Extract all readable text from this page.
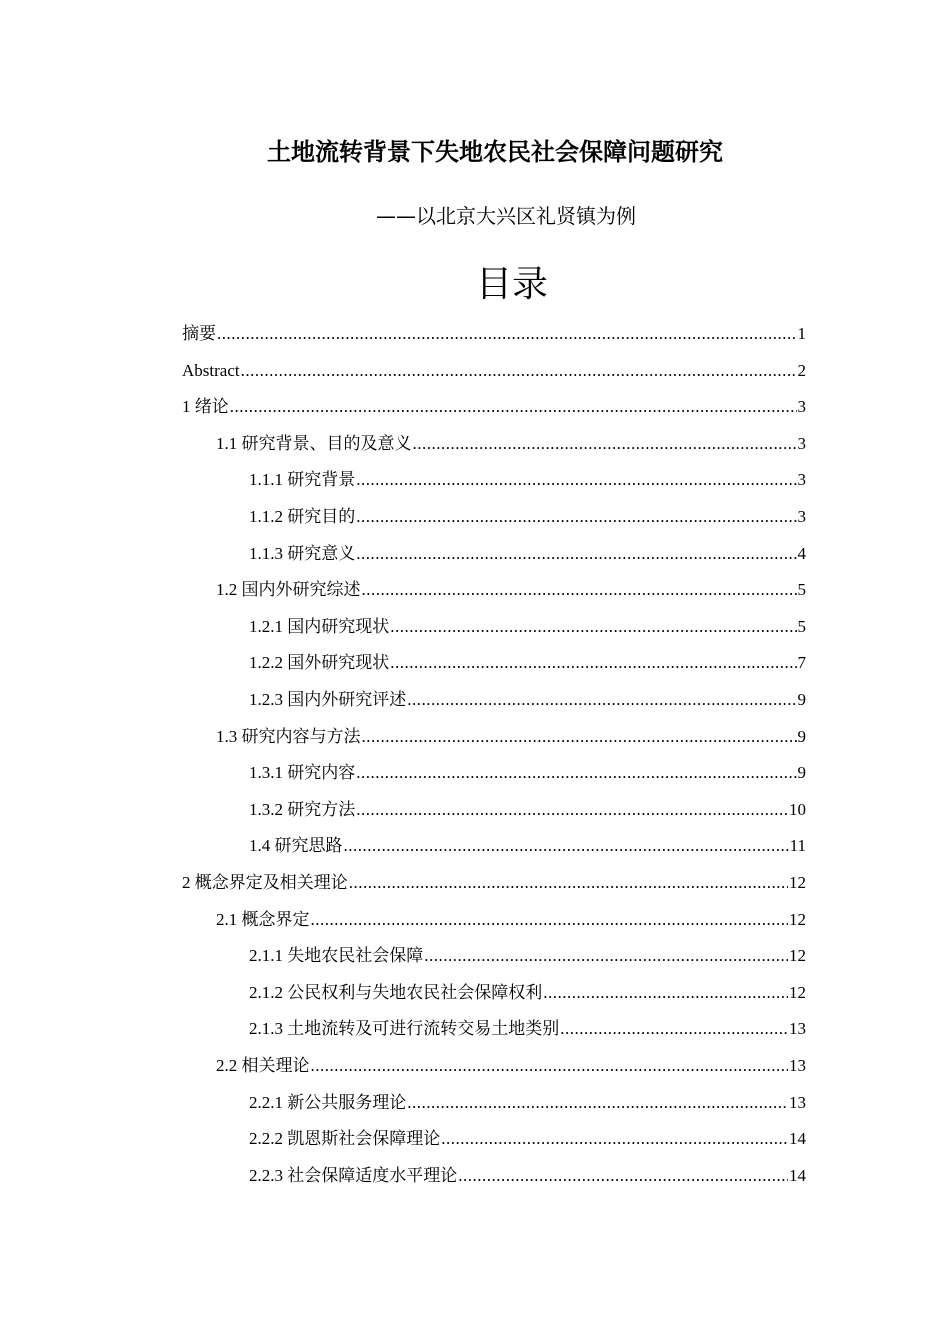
土地流转背景下失地农民社会保障问题研究
——以北京大兴区礼贤镇为例
目录
摘要 .....	1
Abstract .....	2
1 绪论 .....	3
1.1 研究背景、目的及意义 .....	3
1.1.1 研究背景 .....	3
1.1.2 研究目的 .....	3
1.1.3 研究意义 .....	4
1.2 国内外研究综述 .....	5
1.2.1 国内研究现状 .....	5
1.2.2 国外研究现状 .....	7
1.2.3 国内外研究评述 .....	9
1.3 研究内容与方法 .....	9
1.3.1 研究内容 .....	9
1.3.2 研究方法 .....	10
1.4 研究思路 .....	11
2 概念界定及相关理论 .....	12
2.1 概念界定 .....	12
2.1.1 失地农民社会保障 .....	12
2.1.2 公民权利与失地农民社会保障权利 .....	12
2.1.3 土地流转及可进行流转交易土地类别 .....	13
2.2 相关理论 .....	13
2.2.1 新公共服务理论 .....	13
2.2.2 凯恩斯社会保障理论 .....	14
2.2.3 社会保障适度水平理论 .....	14
